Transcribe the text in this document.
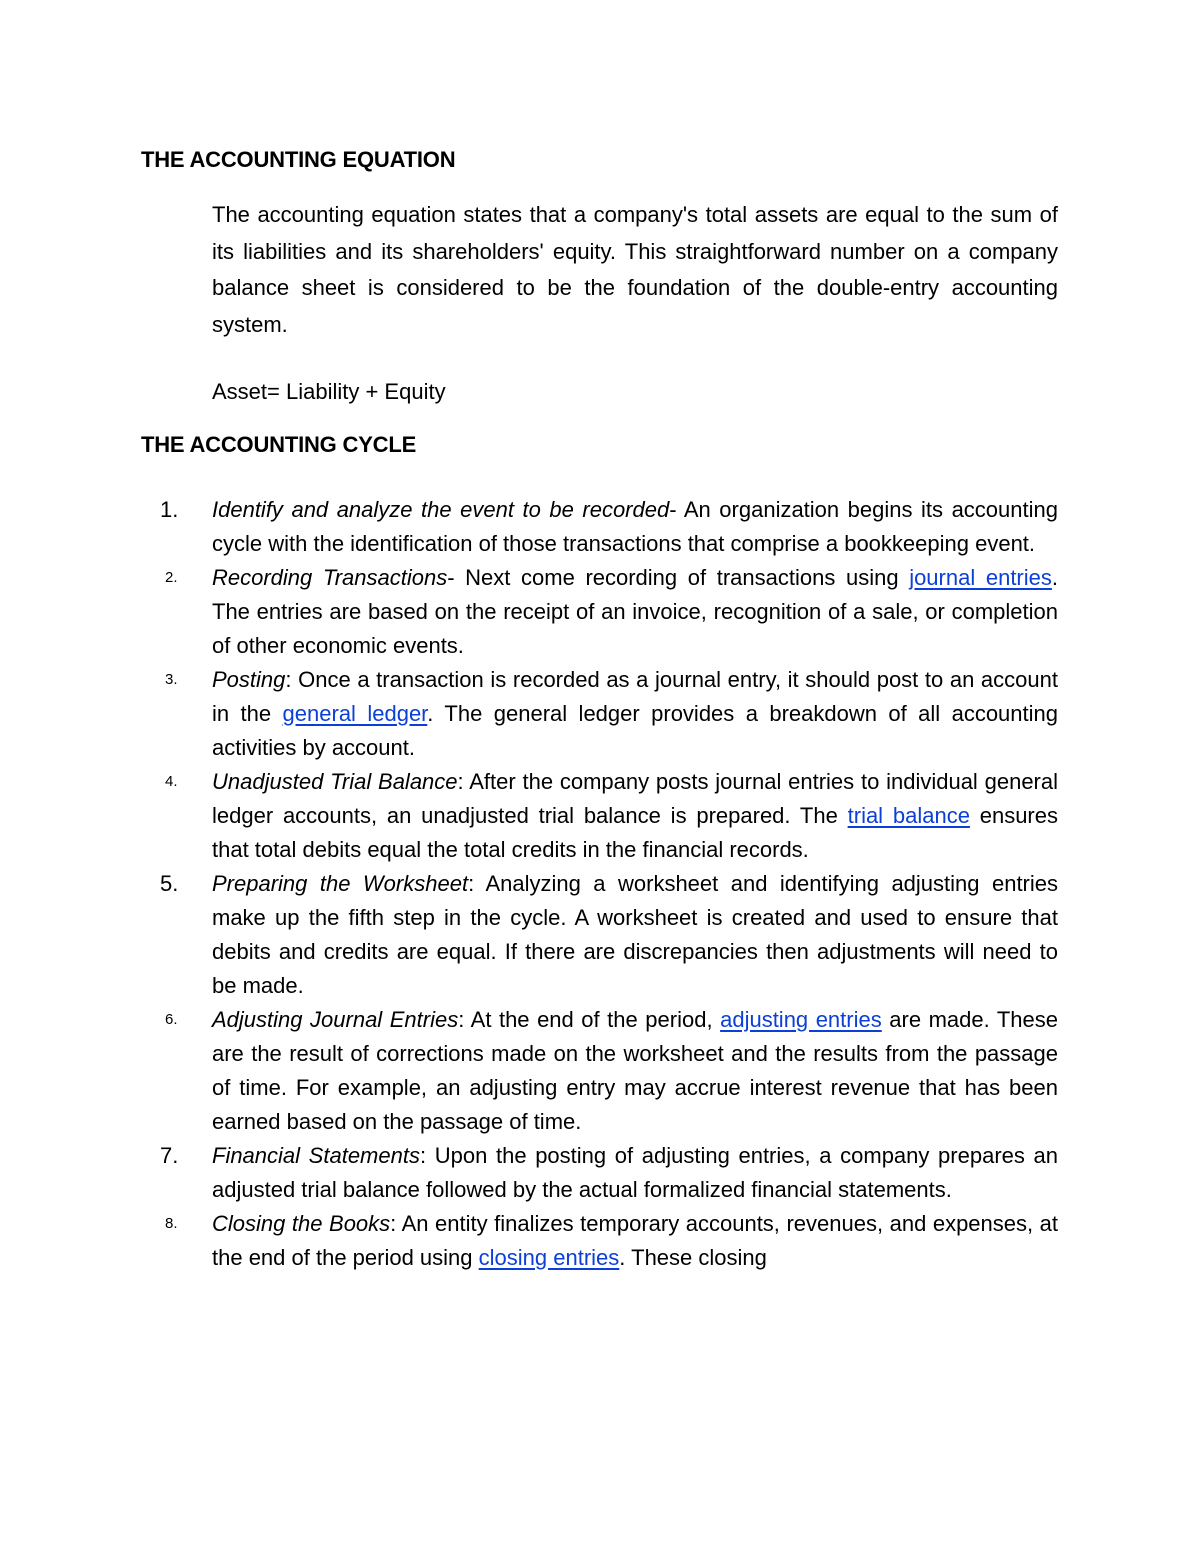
THE ACCOUNTING EQUATION

The accounting equation states that a company's total assets are equal to the sum of its liabilities and its shareholders' equity. This straightforward number on a company balance sheet is considered to be the foundation of the double-entry accounting system.

Asset= Liability + Equity

THE ACCOUNTING CYCLE
1.	Identify and analyze the event to be recorded- An organization begins its accounting cycle with the identification of those transactions that comprise a bookkeeping event.
2.	Recording Transactions- Next come recording of transactions using journal entries. The entries are based on the receipt of an invoice, recognition of a sale, or completion of other economic events.
3.	Posting: Once a transaction is recorded as a journal entry, it should post to an account in the general ledger. The general ledger provides a breakdown of all accounting activities by account.
4.	Unadjusted Trial Balance: After the company posts journal entries to individual general ledger accounts, an unadjusted trial balance is prepared. The trial balance ensures that total debits equal the total credits in the financial records.
5.	Preparing the Worksheet: Analyzing a worksheet and identifying adjusting entries make up the fifth step in the cycle. A worksheet is created and used to ensure that debits and credits are equal. If there are discrepancies then adjustments will need to be made.
6.	Adjusting Journal Entries: At the end of the period, adjusting entries are made. These are the result of corrections made on the worksheet and the results from the passage of time. For example, an adjusting entry may accrue interest revenue that has been earned based on the passage of time.
7.	Financial Statements: Upon the posting of adjusting entries, a company prepares an adjusted trial balance followed by the actual formalized financial statements.
8.	Closing the Books: An entity finalizes temporary accounts, revenues, and expenses, at the end of the period using closing entries. These closing
